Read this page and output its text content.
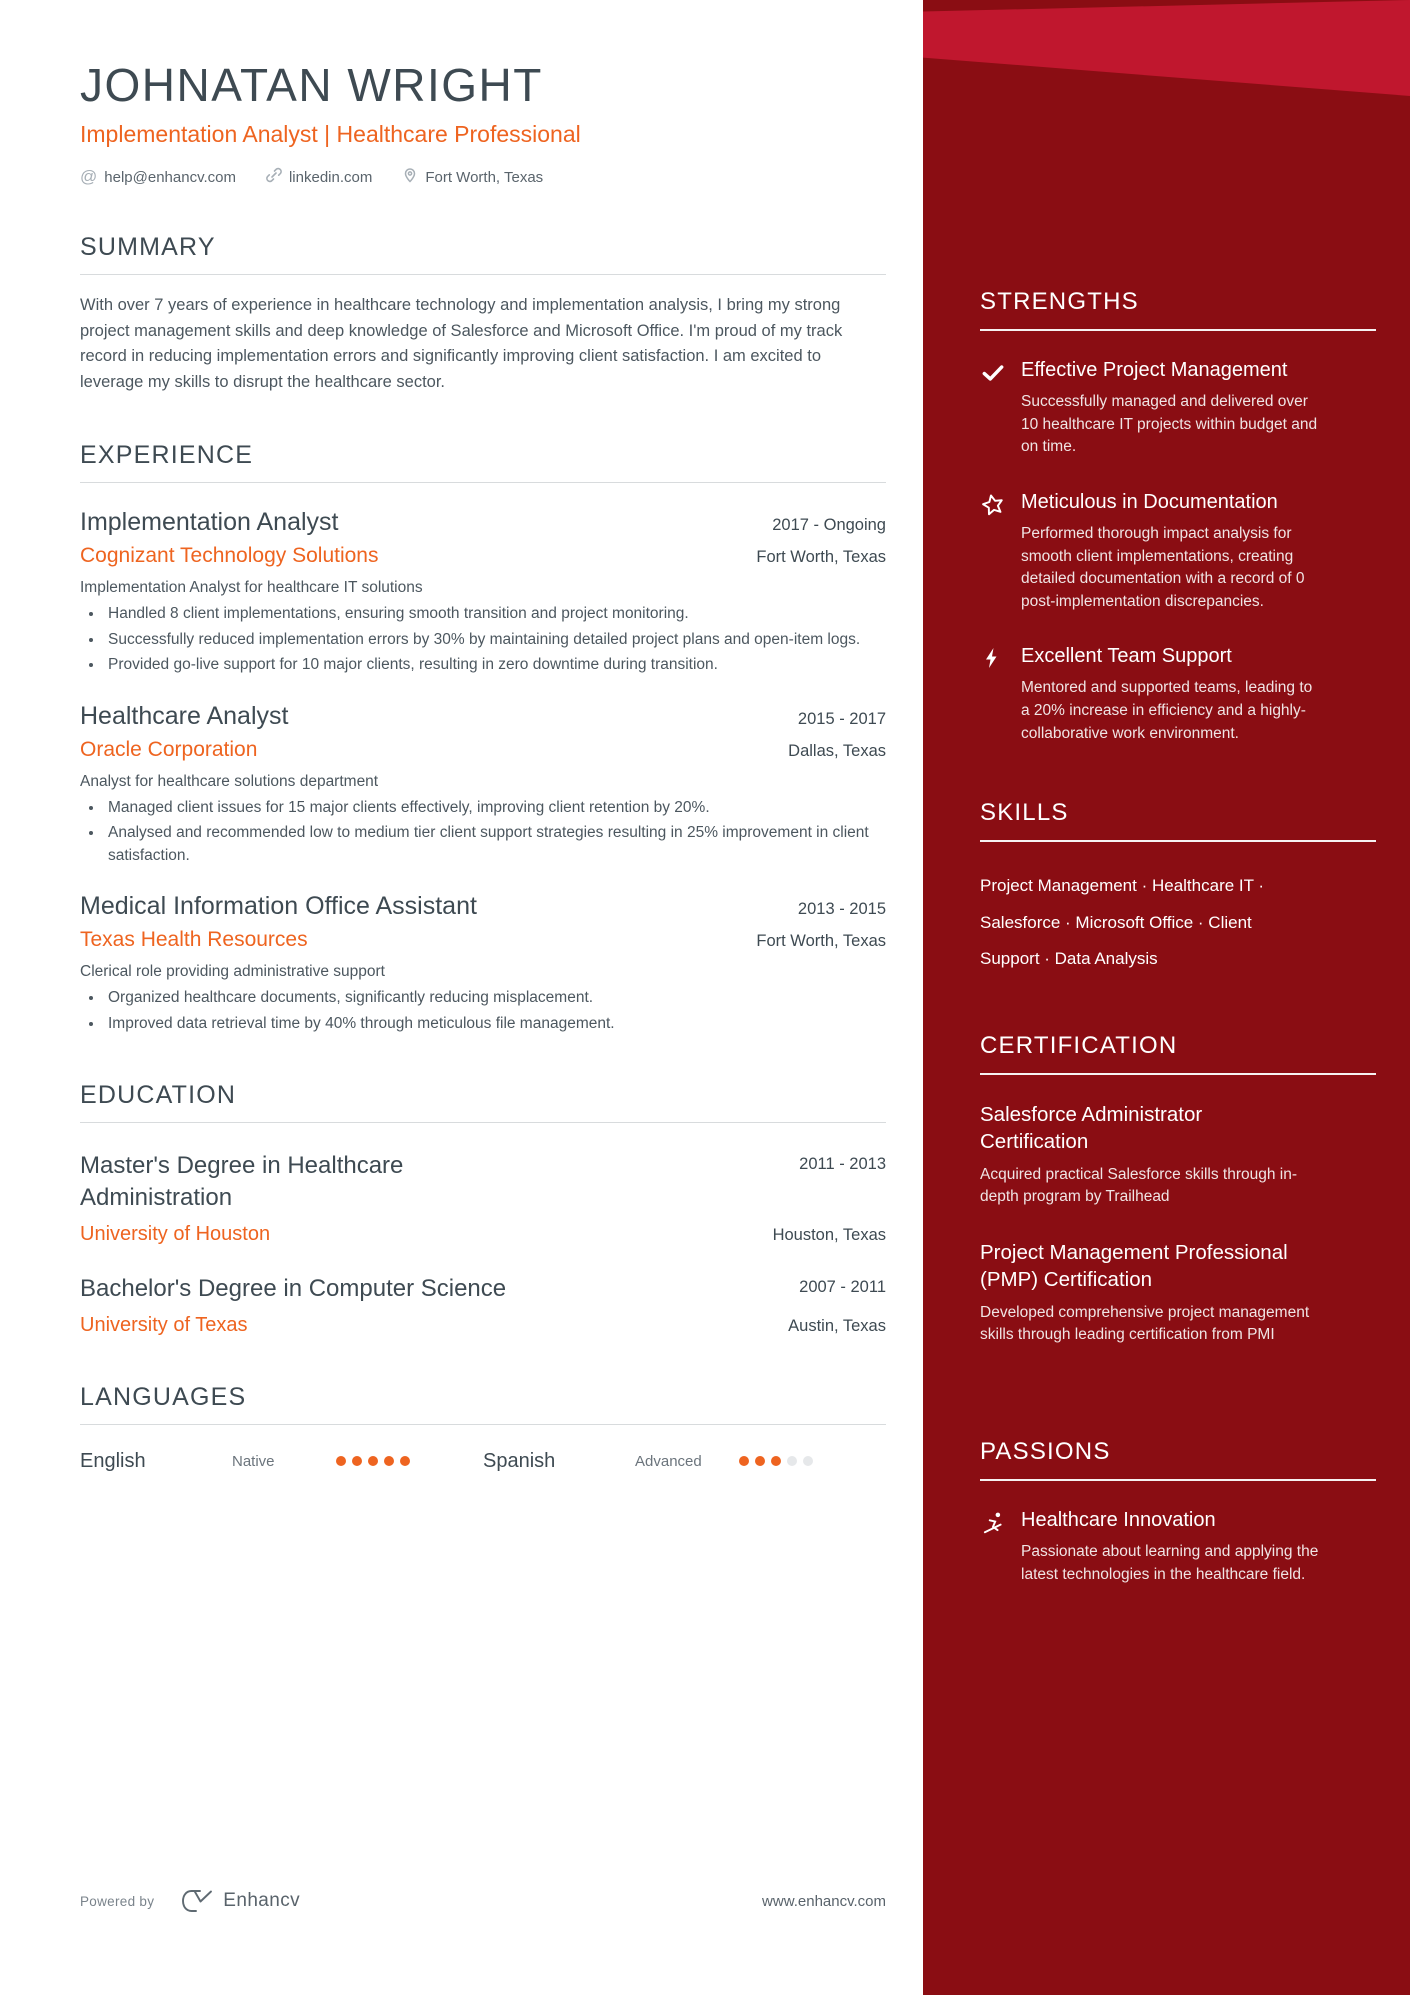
STRENGTHS
Effective Project Management
Successfully managed and delivered over 10 healthcare IT projects within budget and on time.
Meticulous in Documentation
Performed thorough impact analysis for smooth client implementations, creating detailed documentation with a record of 0 post-implementation discrepancies.
Excellent Team Support
Mentored and supported teams, leading to a 20% increase in efficiency and a highly-collaborative work environment.
SKILLS
Project Management · Healthcare IT · Salesforce · Microsoft Office · Client Support · Data Analysis
CERTIFICATION
Salesforce Administrator Certification
Acquired practical Salesforce skills through in-depth program by Trailhead
Project Management Professional (PMP) Certification
Developed comprehensive project management skills through leading certification from PMI
PASSIONS
Healthcare Innovation
Passionate about learning and applying the latest technologies in the healthcare field.
JOHNATAN WRIGHT
Implementation Analyst | Healthcare Professional
@ help@enhancv.com	linkedin.com	Fort Worth, Texas
SUMMARY
With over 7 years of experience in healthcare technology and implementation analysis, I bring my strong project management skills and deep knowledge of Salesforce and Microsoft Office. I'm proud of my track record in reducing implementation errors and significantly improving client satisfaction. I am excited to leverage my skills to disrupt the healthcare sector.
EXPERIENCE
Implementation Analyst	2017 - Ongoing
Cognizant Technology Solutions	Fort Worth, Texas
Implementation Analyst for healthcare IT solutions
• Handled 8 client implementations, ensuring smooth transition and project monitoring.
• Successfully reduced implementation errors by 30% by maintaining detailed project plans and open-item logs.
• Provided go-live support for 10 major clients, resulting in zero downtime during transition.
Healthcare Analyst	2015 - 2017
Oracle Corporation	Dallas, Texas
Analyst for healthcare solutions department
• Managed client issues for 15 major clients effectively, improving client retention by 20%.
• Analysed and recommended low to medium tier client support strategies resulting in 25% improvement in client satisfaction.
Medical Information Office Assistant	2013 - 2015
Texas Health Resources	Fort Worth, Texas
Clerical role providing administrative support
• Organized healthcare documents, significantly reducing misplacement.
• Improved data retrieval time by 40% through meticulous file management.
EDUCATION
Master's Degree in Healthcare Administration
2011 - 2013
University of Houston	Houston, Texas
Bachelor's Degree in Computer Science	2007 - 2011
University of Texas	Austin, Texas
LANGUAGES
English	Native	Spanish	Advanced
Powered by	Enhancv	www.enhancv.com
